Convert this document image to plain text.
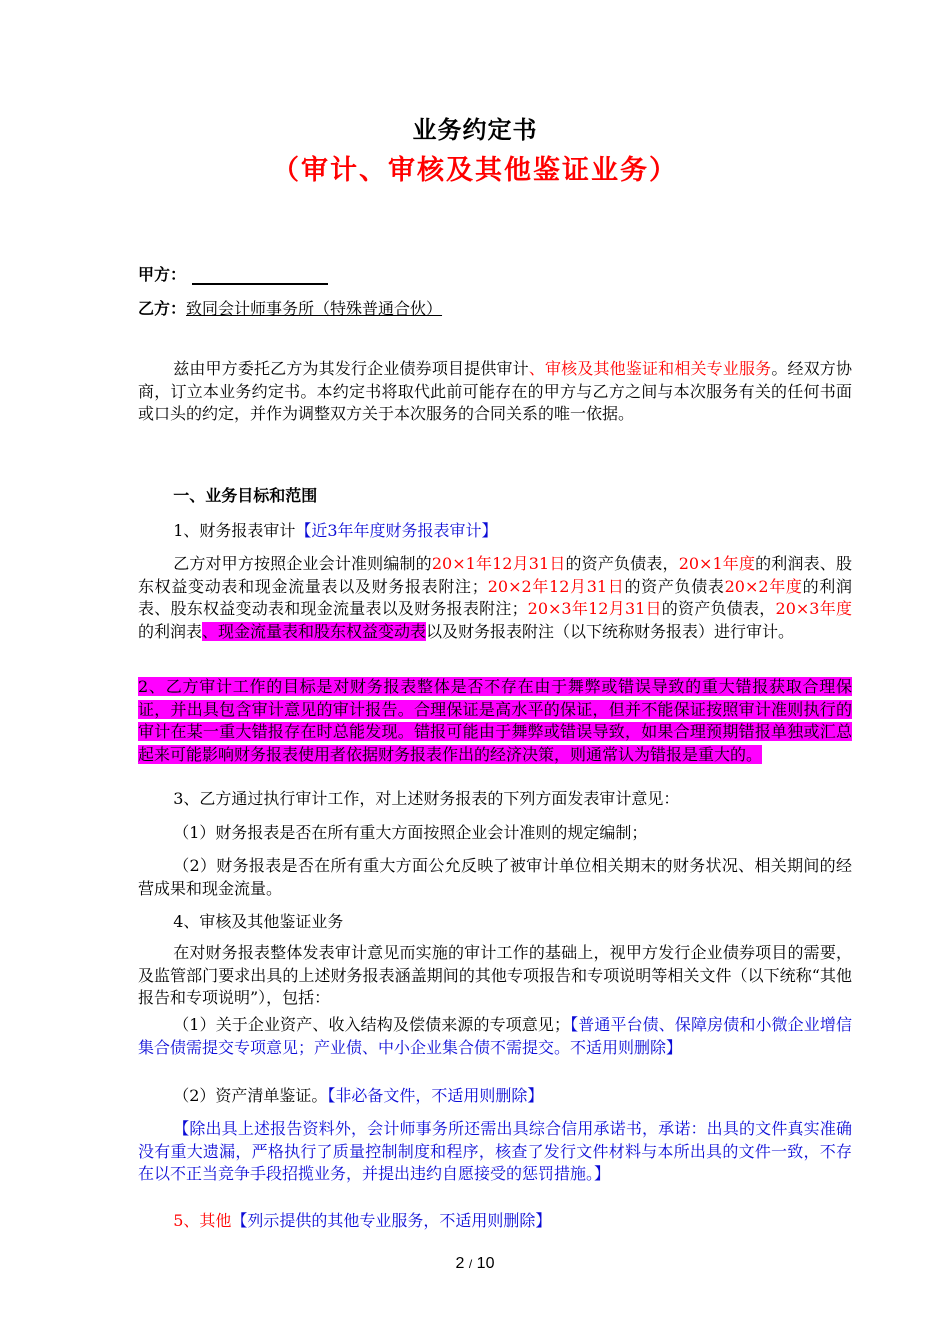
业务约定书
（审计、审核及其他鉴证业务）
甲方：
乙方：致同会计师事务所（特殊普通合伙）
兹由甲方委托乙方为其发行企业债券项目提供审计、审核及其他鉴证和相关专业服务。经双方协商，订立本业务约定书。本约定书将取代此前可能存在的甲方与乙方之间与本次服务有关的任何书面或口头的约定，并作为调整双方关于本次服务的合同关系的唯一依据。
一、业务目标和范围
1、财务报表审计【近3年年度财务报表审计】
乙方对甲方按照企业会计准则编制的20×1年12月31日的资产负债表，20×1年度的利润表、股东权益变动表和现金流量表以及财务报表附注；20×2年12月31日的资产负债表20×2年度的利润表、股东权益变动表和现金流量表以及财务报表附注；20×3年12月31日的资产负债表，20×3年度的利润表、现金流量表和股东权益变动表以及财务报表附注（以下统称财务报表）进行审计。
2、乙方审计工作的目标是对财务报表整体是否不存在由于舞弊或错误导致的重大错报获取合理保证，并出具包含审计意见的审计报告。合理保证是高水平的保证，但并不能保证按照审计准则执行的审计在某一重大错报存在时总能发现。错报可能由于舞弊或错误导致，如果合理预期错报单独或汇总起来可能影响财务报表使用者依据财务报表作出的经济决策，则通常认为错报是重大的。
3、乙方通过执行审计工作，对上述财务报表的下列方面发表审计意见：
（1）财务报表是否在所有重大方面按照企业会计准则的规定编制；
（2）财务报表是否在所有重大方面公允反映了被审计单位相关期末的财务状况、相关期间的经营成果和现金流量。
4、审核及其他鉴证业务
在对财务报表整体发表审计意见而实施的审计工作的基础上，视甲方发行企业债券项目的需要，及监管部门要求出具的上述财务报表涵盖期间的其他专项报告和专项说明等相关文件（以下统称“其他报告和专项说明”），包括：
（1）关于企业资产、收入结构及偿债来源的专项意见；【普通平台债、保障房债和小微企业增信集合债需提交专项意见；产业债、中小企业集合债不需提交。不适用则删除】
（2）资产清单鉴证。【非必备文件，不适用则删除】
【除出具上述报告资料外，会计师事务所还需出具综合信用承诺书，承诺：出具的文件真实准确没有重大遗漏，严格执行了质量控制制度和程序，核查了发行文件材料与本所出具的文件一致，不存在以不正当竞争手段招揽业务，并提出违约自愿接受的惩罚措施。】
5、其他【列示提供的其他专业服务，不适用则删除】
2 / 10
